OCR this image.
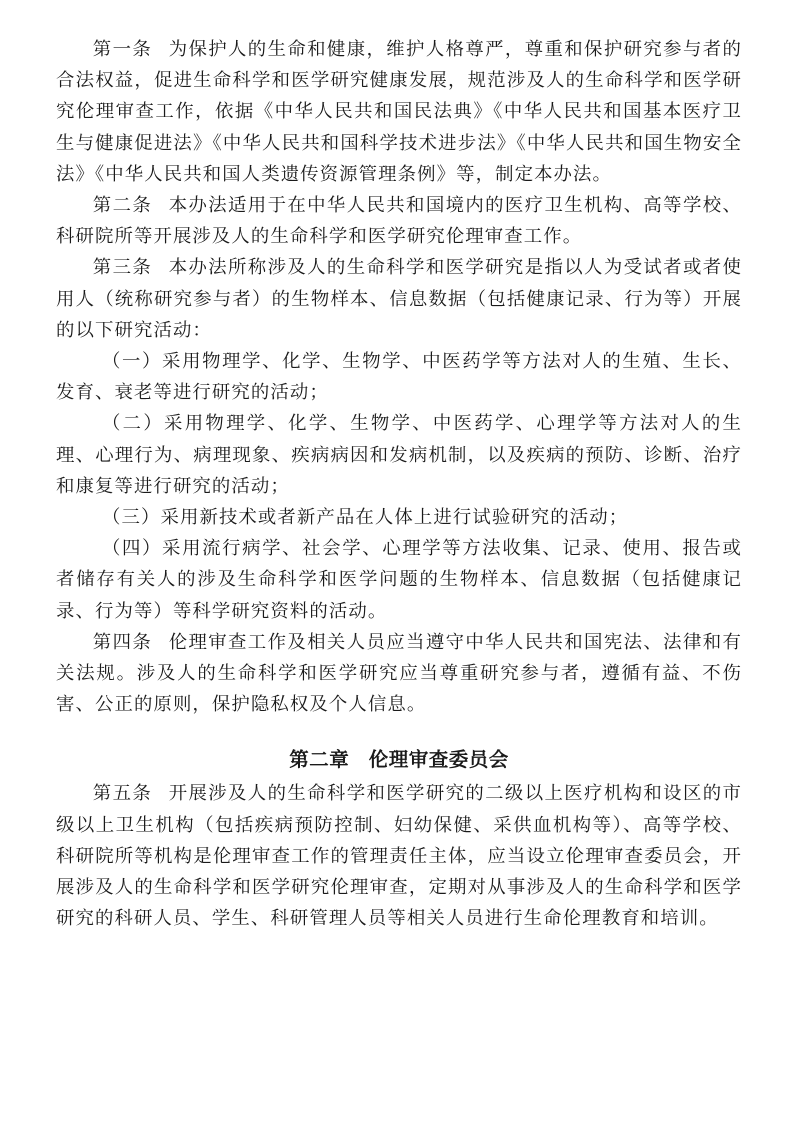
第一条 为保护人的生命和健康，维护人格尊严，尊重和保护研究参与者的合法权益，促进生命科学和医学研究健康发展，规范涉及人的生命科学和医学研究伦理审查工作，依据《中华人民共和国民法典》《中华人民共和国基本医疗卫生与健康促进法》《中华人民共和国科学技术进步法》《中华人民共和国生物安全法》《中华人民共和国人类遗传资源管理条例》等，制定本办法。

第二条 本办法适用于在中华人民共和国境内的医疗卫生机构、高等学校、科研院所等开展涉及人的生命科学和医学研究伦理审查工作。

第三条 本办法所称涉及人的生命科学和医学研究是指以人为受试者或者使用人（统称研究参与者）的生物样本、信息数据（包括健康记录、行为等）开展的以下研究活动：

（一）采用物理学、化学、生物学、中医药学等方法对人的生殖、生长、发育、衰老等进行研究的活动；

（二）采用物理学、化学、生物学、中医药学、心理学等方法对人的生理、心理行为、病理现象、疾病病因和发病机制，以及疾病的预防、诊断、治疗和康复等进行研究的活动；

（三）采用新技术或者新产品在人体上进行试验研究的活动；

（四）采用流行病学、社会学、心理学等方法收集、记录、使用、报告或者储存有关人的涉及生命科学和医学问题的生物样本、信息数据（包括健康记录、行为等）等科学研究资料的活动。

第四条 伦理审查工作及相关人员应当遵守中华人民共和国宪法、法律和有关法规。涉及人的生命科学和医学研究应当尊重研究参与者，遵循有益、不伤害、公正的原则，保护隐私权及个人信息。

第二章 伦理审查委员会

第五条 开展涉及人的生命科学和医学研究的二级以上医疗机构和设区的市级以上卫生机构（包括疾病预防控制、妇幼保健、采供血机构等）、高等学校、科研院所等机构是伦理审查工作的管理责任主体，应当设立伦理审查委员会，开展涉及人的生命科学和医学研究伦理审查，定期对从事涉及人的生命科学和医学研究的科研人员、学生、科研管理人员等相关人员进行生命伦理教育和培训。
